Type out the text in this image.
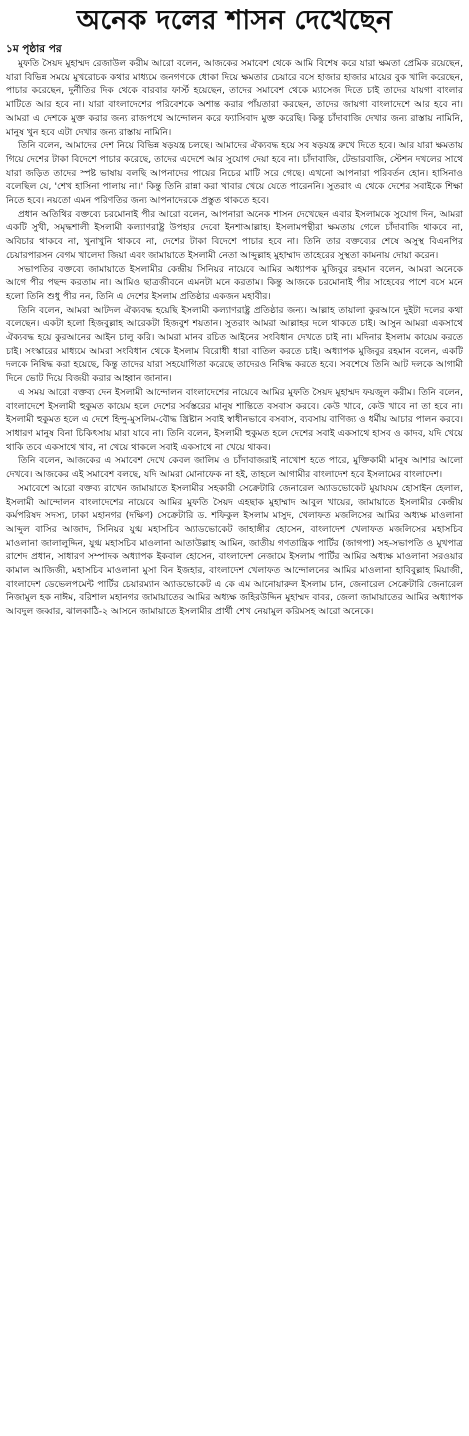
অনেক দলের শাসন দেখেছেন
১ম পৃষ্ঠার পর

মুফতি সৈয়দ মুহাম্মদ রেজাউল করীম আরো বলেন, আজকের সমাবেশ থেকে আমি বিশেষ করে যারা ক্ষমতা প্রেমিক রয়েছেন, যারা বিভিন্ন সময়ে মুখরোচক কথার মাধ্যমে জনগণকে ধোকা দিয়ে ক্ষমতার চেয়ারে বসে হাজার হাজার মায়ের বুক খালি করেছেন, পাচার করেছেন, দুর্নীতির দিক থেকে বারবার ফার্স্ট হয়েছেন, তাদের সমাবেশ থেকে ম্যাসেজ দিতে চাই তাদের যায়গা বাংলার মাটিতে আর হবে না। যারা বাংলাদেশের পরিবেশকে অশান্ত করার পাঁয়তারা করছেন, তাদের জায়গা বাংলাদেশে আর হবে না। আমরা এ দেশকে মুক্ত করার জন্য রাজপথে আন্দোলন করে ফ্যাসিবাদ মুক্ত করেছি। কিন্তু চাঁদাবাজি দেখার জন্য রাস্তায় নামিনি, মানুষ খুন হবে এটা দেখার জন্য রাস্তায় নামিনি।

তিনি বলেন, আমাদের দেশ নিয়ে বিভিন্ন ষড়যন্ত্র চলছে। আমাদের ঐক্যবদ্ধ হয়ে সব ষড়যন্ত্র রুখে দিতে হবে। আর যারা ক্ষমতায় গিয়ে দেশের টাকা বিদেশে পাচার করেছে, তাদের এদেশে আর সুযোগ দেয়া হবে না। চাঁদাবাজি, টেন্ডারবাজি, স্টেশন দখলের সাথে যারা জড়িত তাদের স্পষ্ট ভাষায় বলছি আপনাদের পায়ের নিচের মাটি সরে গেছে। এখনো আপনারা পরিবর্তন হোন। হাসিনাও বলেছিল যে, 'শেখ হাসিনা পালায় না।' কিন্তু তিনি রান্না করা খাবার খেয়ে যেতে পারেননি। সুতরাং এ থেকে দেশের সবাইকে শিক্ষা নিতে হবে। নয়তো এমন পরিণতির জন্য আপনাদেরকে প্রস্তুত থাকতে হবে।

প্রধান অতিথির বক্তব্যে চরমোনাই পীর আরো বলেন, আপনারা অনেক শাসন দেখেছেন এবার ইসলামকে সুযোগ দিন, আমরা একটি সুখী, সমৃদ্ধশালী ইসলামী কল্যাণরাষ্ট্র উপহার দেবো ইনশাআল্লাহ। ইসলামপন্থীরা ক্ষমতায় গেলে চাঁদাবাজি থাকবে না, অবিচার থাকবে না, খুনাখুনি থাকবে না, দেশের টাকা বিদেশে পাচার হবে না। তিনি তার বক্তব্যের শেষে অসুস্থ বিএনপির চেয়ারপারসন বেগম খালেদা জিয়া এবং জামায়াতে ইসলামী নেতা আব্দুল্লাহ মুহাম্মাদ তাহেরের সুস্থতা কামনায় দোয়া করেন।

সভাপতির বক্তব্যে জামায়াতে ইসলামীর কেন্দ্রীয় সিনিয়র নায়েবে আমির অধ্যাপক মুজিবুর রহমান বলেন, আমরা অনেকে আগে পীর পছন্দ করতাম না। আমিও ছাত্রজীবনে এমনটা মনে করতাম। কিন্তু আজকে চরমোনাই পীর সাহেবের পাশে বসে মনে হলো তিনি শুধু পীর নন, তিনি এ দেশের ইসলাম প্রতিষ্ঠার একজন মহাবীর।

তিনি বলেন, আমরা আটদল ঐক্যবদ্ধ হয়েছি ইসলামী কল্যাণরাষ্ট্র প্রতিষ্ঠার জন্য। আল্লাহ তায়ালা কুরআনে দুইটা দলের কথা বলেছেন। একটা হলো হিজবুল্লাহ আরেকটা হিজবুশ শয়তান। সুতরাং আমরা আল্লাহর দলে থাকতে চাই। আসুন আমরা একসাথে ঐক্যবদ্ধ হয়ে কুরআনের আইন চালু করি। আমরা মানব রচিত আইনের সংবিধান দেখতে চাই না। মদিনার ইসলাম কায়েম করতে চাই। সংস্কারের মাধ্যমে আমরা সংবিধান থেকে ইসলাম বিরোধী ধারা বাতিল করতে চাই। অধ্যাপক মুজিবুর রহমান বলেন, একটি দলকে নিষিদ্ধ করা হয়েছে, কিন্তু তাদের যারা সহযোগিতা করেছে তাদেরও নিষিদ্ধ করতে হবে। সবশেষে তিনি আট দলকে আগামী দিনে ভোট দিয়ে বিজয়ী করার আহ্বান জানান।

এ সময় আরো বক্তব্য দেন ইসলামী আন্দোলন বাংলাদেশের নায়েবে আমির মুফতি সৈয়দ মুহাম্মদ ফয়জুল করীম। তিনি বলেন, বাংলাদেশে ইসলামী হুকুমত কায়েম হলে দেশের সর্বস্তরের মানুষ শান্তিতে বসবাস করবে। কেউ খাবে, কেউ খাবে না তা হবে না। ইসলামী হুকুমত হলে এ দেশে হিন্দু-মুসলিম-বৌদ্ধ খ্রিষ্টান সবাই স্বাধীনভাবে বসবাস, ব্যবসায় বাণিজ্য ও ধর্মীয় আচার পালন করবে। সাধারণ মানুষ বিনা চিকিৎসায় মারা যাবে না। তিনি বলেন, ইসলামী হুকুমত হলে দেশের সবাই একসাথে হাসব ও কাদব, যদি খেয়ে থাকি তবে একসাথে খাব, না খেয়ে থাকলে সবাই একসাথে না খেয়ে থাকব।

তিনি বলেন, আজকের এ সমাবেশ দেখে কেবল জালিম ও চাঁদাবাজরাই নাখোশ হতে পারে, মুক্তিকামী মানুষ আশার আলো দেখবে। আজকের এই সমাবেশ বলছে, যদি আমরা মোনাফেক না হই, তাহলে আগামীর বাংলাদেশ হবে ইসলামের বাংলাদেশ।

সমাবেশে আরো বক্তব্য রাখেন জামায়াতে ইসলামীর সহকারী সেক্রেটারি জেনারেল অ্যাডভোকেট মুয়াযযম হোসাইন হেলাল, ইসলামী আন্দোলন বাংলাদেশের নায়েবে আমির মুফতি সৈয়দ এহছাক মুহাম্মাদ আবুল খায়ের, জামায়াতে ইসলামীর কেন্দ্রীয় কর্মপরিষদ সদস্য, ঢাকা মহানগর (দক্ষিণ) সেক্রেটারি ড. শফিকুল ইসলাম মাসুদ, খেলাফত মজলিসের আমির অধ্যক্ষ মাওলানা আব্দুল বাসির আজাদ, সিনিয়র যুগ্ম মহাসচিব অ্যাডভোকেট জাহাঙ্গীর হোসেন, বাংলাদেশ খেলাফত মজলিসের মহাসচিব মাওলানা জালালুদ্দিন, যুগ্ম মহাসচিব মাওলানা আতাউল্লাহ আমিন, জাতীয় গণতান্ত্রিক পার্টির (জাগপা) সহ-সভাপতি ও মুখপাত্র রাশেদ প্রধান, সাধারণ সম্পাদক অধ্যাপক ইকবাল হোসেন, বাংলাদেশ নেজামে ইসলাম পার্টির আমির অধ্যক্ষ মাওলানা সরওয়ার কামাল আজিজী, মহাসচিব মাওলানা মুসা বিন ইজহার, বাংলাদেশ খেলাফত আন্দোলনের আমির মাওলানা হাবিবুল্লাহ মিয়াজী, বাংলাদেশ ডেভেলপমেন্ট পার্টির চেয়ারম্যান অ্যাডভোকেট এ কে এম আনোয়ারুল ইসলাম চান, জেনারেল সেক্রেটারি জেনারেল নিজামুল হক নাঈম, বরিশাল মহানগর জামায়াতের আমির অধ্যক্ষ জহিরউদ্দিন মুহাম্মদ বাবর, জেলা জামায়াতের আমির অধ্যাপক আবদুল জব্বার, ঝালকাঠি-২ আসনে জামায়াতে ইসলামীর প্রার্থী শেখ নেয়ামুল করিমসহ আরো অনেকে।
